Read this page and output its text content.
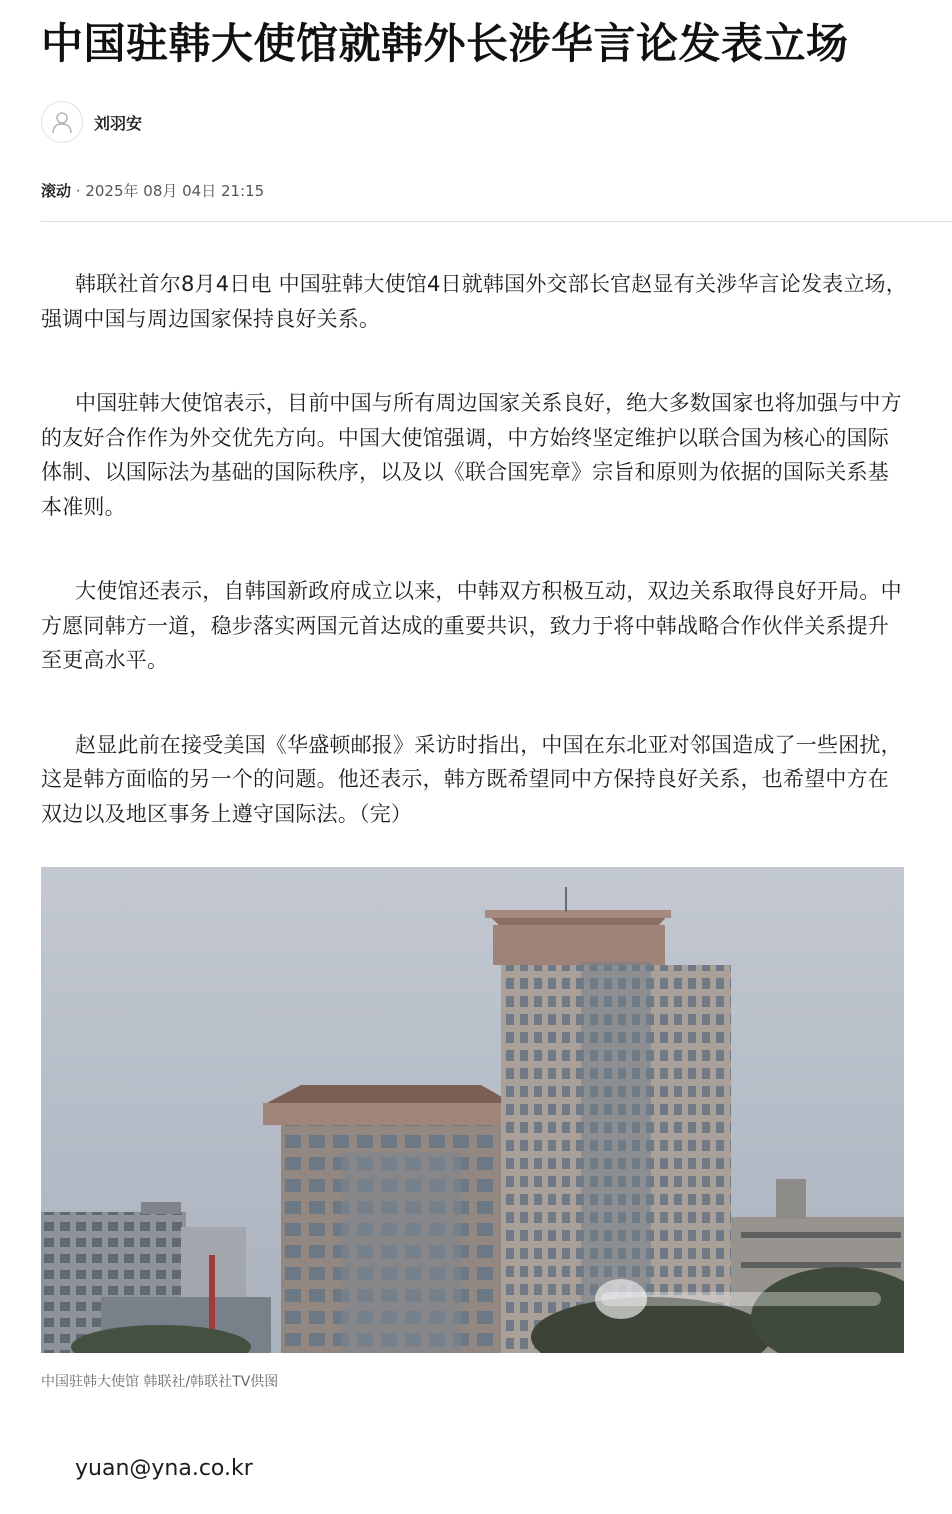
中国驻韩大使馆就韩外长涉华言论发表立场
刘羽安
滚动 · 2025年 08月 04日 21:15

韩联社首尔8月4日电 中国驻韩大使馆4日就韩国外交部长官赵显有关涉华言论发表立场，强调中国与周边国家保持良好关系。

中国驻韩大使馆表示，目前中国与所有周边国家关系良好，绝大多数国家也将加强与中方的友好合作作为外交优先方向。中国大使馆强调，中方始终坚定维护以联合国为核心的国际体制、以国际法为基础的国际秩序，以及以《联合国宪章》宗旨和原则为依据的国际关系基本准则。

大使馆还表示，自韩国新政府成立以来，中韩双方积极互动，双边关系取得良好开局。中方愿同韩方一道，稳步落实两国元首达成的重要共识，致力于将中韩战略合作伙伴关系提升至更高水平。

赵显此前在接受美国《华盛顿邮报》采访时指出，中国在东北亚对邻国造成了一些困扰，这是韩方面临的另一个的问题。他还表示，韩方既希望同中方保持良好关系，也希望中方在双边以及地区事务上遵守国际法。（完）

中国驻韩大使馆 韩联社/韩联社TV供图
yuan@yna.co.kr
